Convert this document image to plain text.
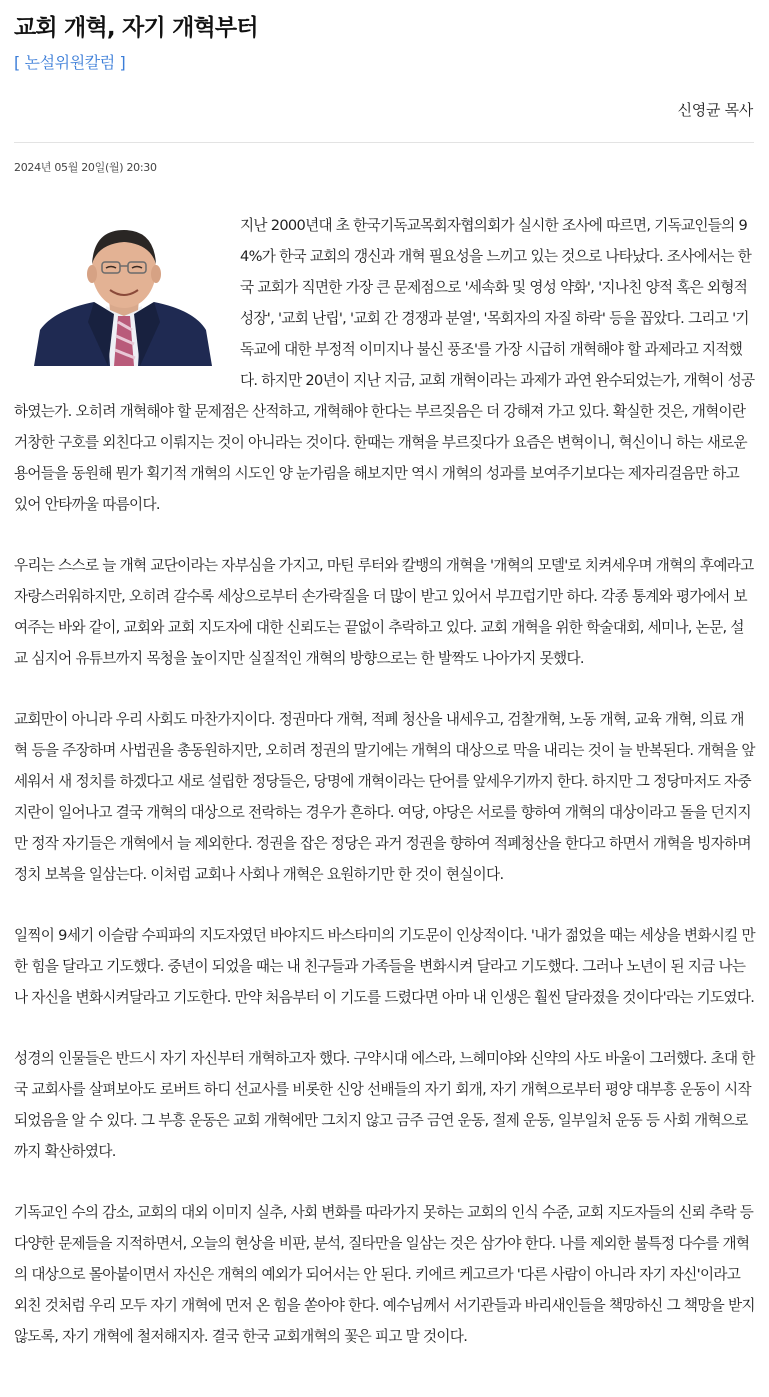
교회 개혁, 자기 개혁부터
[ 논설위원칼럼 ]
신영균 목사
2024년 05월 20일(월) 20:30

지난 2000년대 초 한국기독교목회자협의회가 실시한 조사에 따르면, 기독교인들의 94%가 한국 교회의 갱신과 개혁 필요성을 느끼고 있는 것으로 나타났다. 조사에서는 한국 교회가 직면한 가장 큰 문제점으로 '세속화 및 영성 약화', '지나친 양적 혹은 외형적 성장', '교회 난립', '교회 간 경쟁과 분열', '목회자의 자질 하락' 등을 꼽았다. 그리고 '기독교에 대한 부정적 이미지나 불신 풍조'를 가장 시급히 개혁해야 할 과제라고 지적했다. 하지만 20년이 지난 지금, 교회 개혁이라는 과제가 과연 완수되었는가, 개혁이 성공하였는가. 오히려 개혁해야 할 문제점은 산적하고, 개혁해야 한다는 부르짖음은 더 강해져 가고 있다. 확실한 것은, 개혁이란 거창한 구호를 외친다고 이뤄지는 것이 아니라는 것이다. 한때는 개혁을 부르짖다가 요즘은 변혁이니, 혁신이니 하는 새로운 용어들을 동원해 뭔가 획기적 개혁의 시도인 양 눈가림을 해보지만 역시 개혁의 성과를 보여주기보다는 제자리걸음만 하고 있어 안타까울 따름이다.

우리는 스스로 늘 개혁 교단이라는 자부심을 가지고, 마틴 루터와 칼뱅의 개혁을 '개혁의 모델'로 치켜세우며 개혁의 후예라고 자랑스러워하지만, 오히려 갈수록 세상으로부터 손가락질을 더 많이 받고 있어서 부끄럽기만 하다. 각종 통계와 평가에서 보여주는 바와 같이, 교회와 교회 지도자에 대한 신뢰도는 끝없이 추락하고 있다. 교회 개혁을 위한 학술대회, 세미나, 논문, 설교 심지어 유튜브까지 목청을 높이지만 실질적인 개혁의 방향으로는 한 발짝도 나아가지 못했다.

교회만이 아니라 우리 사회도 마찬가지이다. 정권마다 개혁, 적폐 청산을 내세우고, 검찰개혁, 노동 개혁, 교육 개혁, 의료 개혁 등을 주장하며 사법권을 총동원하지만, 오히려 정권의 말기에는 개혁의 대상으로 막을 내리는 것이 늘 반복된다. 개혁을 앞세워서 새 정치를 하겠다고 새로 설립한 정당들은, 당명에 개혁이라는 단어를 앞세우기까지 한다. 하지만 그 정당마저도 자중지란이 일어나고 결국 개혁의 대상으로 전락하는 경우가 흔하다. 여당, 야당은 서로를 향하여 개혁의 대상이라고 돌을 던지지만 정작 자기들은 개혁에서 늘 제외한다. 정권을 잡은 정당은 과거 정권을 향하여 적폐청산을 한다고 하면서 개혁을 빙자하며 정치 보복을 일삼는다. 이처럼 교회나 사회나 개혁은 요원하기만 한 것이 현실이다.

일찍이 9세기 이슬람 수피파의 지도자였던 바야지드 바스타미의 기도문이 인상적이다. '내가 젊었을 때는 세상을 변화시킬 만한 힘을 달라고 기도했다. 중년이 되었을 때는 내 친구들과 가족들을 변화시켜 달라고 기도했다. 그러나 노년이 된 지금 나는 나 자신을 변화시켜달라고 기도한다. 만약 처음부터 이 기도를 드렸다면 아마 내 인생은 훨씬 달라졌을 것이다'라는 기도였다.

성경의 인물들은 반드시 자기 자신부터 개혁하고자 했다. 구약시대 에스라, 느헤미야와 신약의 사도 바울이 그러했다. 초대 한국 교회사를 살펴보아도 로버트 하디 선교사를 비롯한 신앙 선배들의 자기 회개, 자기 개혁으로부터 평양 대부흥 운동이 시작되었음을 알 수 있다. 그 부흥 운동은 교회 개혁에만 그치지 않고 금주 금연 운동, 절제 운동, 일부일처 운동 등 사회 개혁으로까지 확산하였다.

기독교인 수의 감소, 교회의 대외 이미지 실추, 사회 변화를 따라가지 못하는 교회의 인식 수준, 교회 지도자들의 신뢰 추락 등 다양한 문제들을 지적하면서, 오늘의 현상을 비판, 분석, 질타만을 일삼는 것은 삼가야 한다. 나를 제외한 불특정 다수를 개혁의 대상으로 몰아붙이면서 자신은 개혁의 예외가 되어서는 안 된다. 키에르 케고르가 '다른 사람이 아니라 자기 자신'이라고 외친 것처럼 우리 모두 자기 개혁에 먼저 온 힘을 쏟아야 한다. 예수님께서 서기관들과 바리새인들을 책망하신 그 책망을 받지 않도록, 자기 개혁에 철저해지자. 결국 한국 교회개혁의 꽃은 피고 말 것이다.
